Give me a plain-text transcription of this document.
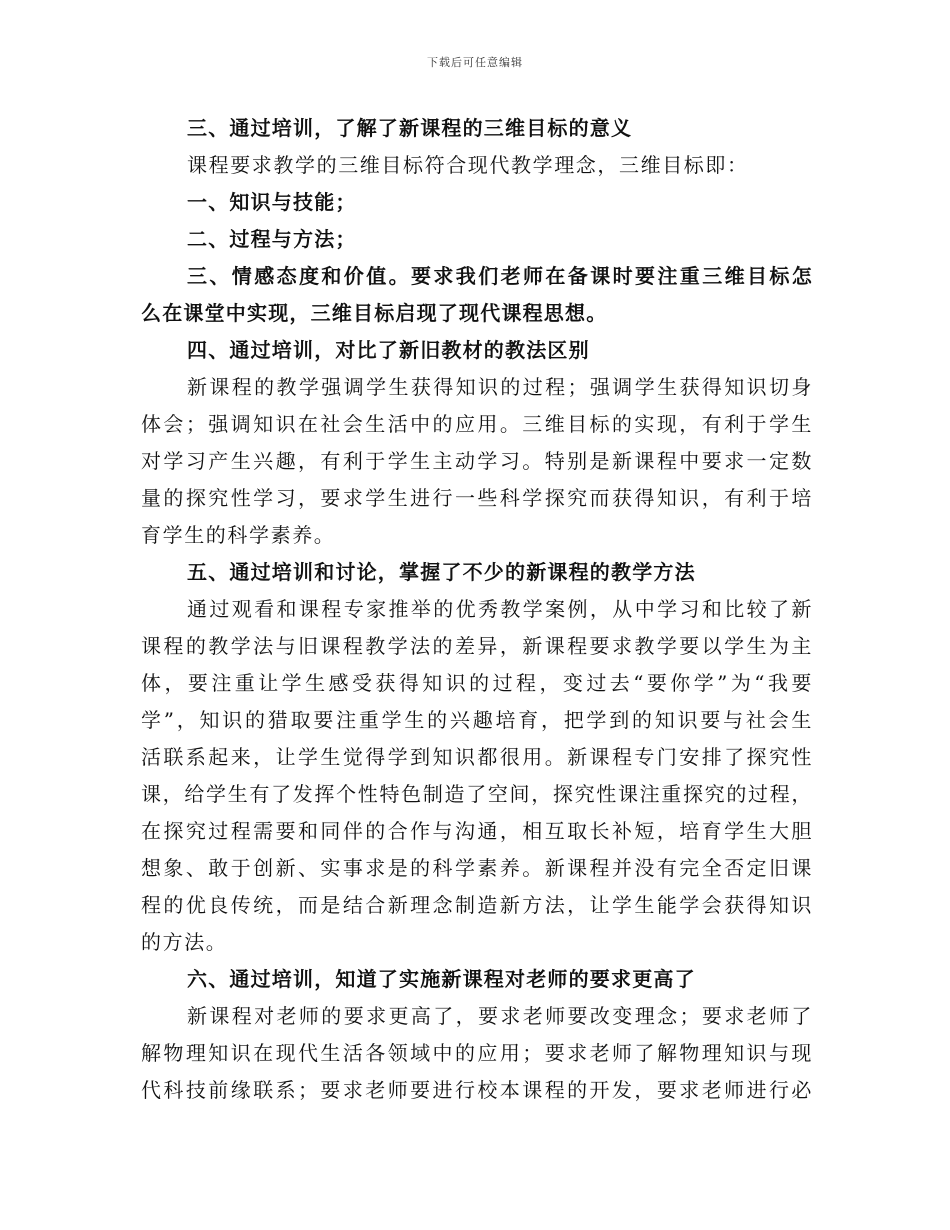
下载后可任意编辑
三、通过培训，了解了新课程的三维目标的意义
课程要求教学的三维目标符合现代教学理念，三维目标即：
一、知识与技能；
二、过程与方法；
三、情感态度和价值。要求我们老师在备课时要注重三维目标怎
么在课堂中实现，三维目标启现了现代课程思想。
四、通过培训，对比了新旧教材的教法区别
新课程的教学强调学生获得知识的过程；强调学生获得知识切身
体会；强调知识在社会生活中的应用。三维目标的实现，有利于学生
对学习产生兴趣，有利于学生主动学习。特别是新课程中要求一定数
量的探究性学习，要求学生进行一些科学探究而获得知识，有利于培
育学生的科学素养。
五、通过培训和讨论，掌握了不少的新课程的教学方法
通过观看和课程专家推举的优秀教学案例，从中学习和比较了新
课程的教学法与旧课程教学法的差异，新课程要求教学要以学生为主
体，要注重让学生感受获得知识的过程，变过去“要你学”为“我要
学”，知识的猎取要注重学生的兴趣培育，把学到的知识要与社会生
活联系起来，让学生觉得学到知识都很用。新课程专门安排了探究性
课，给学生有了发挥个性特色制造了空间，探究性课注重探究的过程，
在探究过程需要和同伴的合作与沟通，相互取长补短，培育学生大胆
想象、敢于创新、实事求是的科学素养。新课程并没有完全否定旧课
程的优良传统，而是结合新理念制造新方法，让学生能学会获得知识
的方法。
六、通过培训，知道了实施新课程对老师的要求更高了
新课程对老师的要求更高了，要求老师要改变理念；要求老师了
解物理知识在现代生活各领域中的应用；要求老师了解物理知识与现
代科技前缘联系；要求老师要进行校本课程的开发，要求老师进行必
